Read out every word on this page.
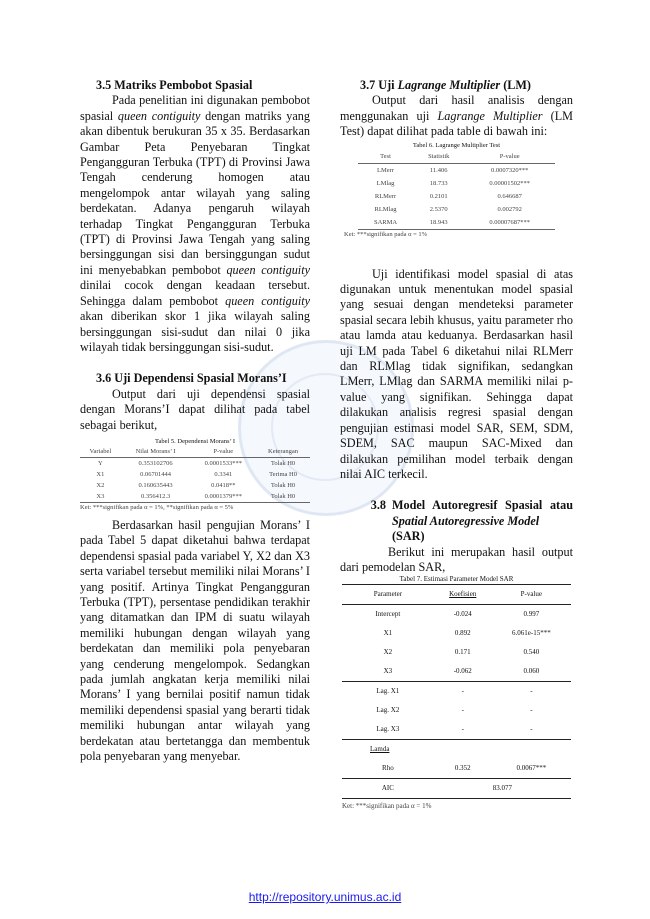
3.5 Matriks Pembobot Spasial

Pada penelitian ini digunakan pembobot spasial queen contiguity dengan matriks yang akan dibentuk berukuran 35 x 35. Berdasarkan Gambar Peta Penyebaran Tingkat Pengangguran Terbuka (TPT) di Provinsi Jawa Tengah cenderung homogen atau mengelompok antar wilayah yang saling berdekatan. Adanya pengaruh wilayah terhadap Tingkat Pengangguran Terbuka (TPT) di Provinsi Jawa Tengah yang saling bersinggungan sisi dan bersinggungan sudut ini menyebabkan pembobot queen contiguity dinilai cocok dengan keadaan tersebut. Sehingga dalam pembobot queen contiguity akan diberikan skor 1 jika wilayah saling bersinggungan sisi-sudut dan nilai 0 jika wilayah tidak bersinggungan sisi-sudut.

3.6 Uji Dependensi Spasial Morans’I

Output dari uji dependensi spasial dengan Morans’I dapat dilihat pada tabel sebagai berikut,

Tabel 5. Dependensi Morans’ I
Variabel	Nilai Morans’ I	P-value	Keterangan
Y	0.353102706	0.0001533***	Tolak H0
X1	0.06701444	0.3341	Terima H0
X2	0.160635443	0.0418**	Tolak H0
X3	0.356412.3	0.0001379***	Tolak H0
Ket: ***signifikan pada α = 1%, **signifikan pada α = 5%

Berdasarkan hasil pengujian Morans’ I pada Tabel 5 dapat diketahui bahwa terdapat dependensi spasial pada variabel Y, X2 dan X3 serta variabel tersebut memiliki nilai Morans’ I yang positif. Artinya Tingkat Pengangguran Terbuka (TPT), persentase pendidikan terakhir yang ditamatkan dan IPM di suatu wilayah memiliki hubungan dengan wilayah yang berdekatan dan memiliki pola penyebaran yang cenderung mengelompok. Sedangkan pada jumlah angkatan kerja memiliki nilai Morans’ I yang bernilai positif namun tidak memiliki dependensi spasial yang berarti tidak memiliki hubungan antar wilayah yang berdekatan atau bertetangga dan membentuk pola penyebaran yang menyebar.

3.7 Uji Lagrange Multiplier (LM)

Output dari hasil analisis dengan menggunakan uji Lagrange Multiplier (LM Test) dapat dilihat pada table di bawah ini:

Tabel 6. Lagrange Multiplier Test
Test	Statistik	P-value
LMerr	11.406	0.0007320***
LMlag	18.733	0.00001502***
RLMerr	0.2101	0.646687
RLMlag	2.5370	0.002792
SARMA	18.943	0.00007687***
Ket: ***signifikan pada α = 1%

Uji identifikasi model spasial di atas digunakan untuk menentukan model spasial yang sesuai dengan mendeteksi parameter spasial secara lebih khusus, yaitu parameter rho atau lamda atau keduanya. Berdasarkan hasil uji LM pada Tabel 6 diketahui nilai RLMerr dan RLMlag tidak signifikan, sedangkan LMerr, LMlag dan SARMA memiliki nilai p-value yang signifikan. Sehingga dapat dilakukan analisis regresi spasial dengan pengujian estimasi model SAR, SEM, SDM, SDEM, SAC maupun SAC-Mixed dan dilakukan pemilihan model terbaik dengan nilai AIC terkecil.

3.8 Model Autoregresif Spasial atau Spatial Autoregressive Model
(SAR)

Berikut ini merupakan hasil output dari pemodelan SAR,

Tabel 7. Estimasi Parameter Model SAR
Parameter	Koefisien	P-value
Intercept	-0.024	0.997
X1	0.892	6.061e-15***
X2	0.171	0.540
X3	-0.062	0.060
Lag. X1	-	-
Lag. X2	-	-
Lag. X3	-	-
Lamda		
Rho	0.352	0.0067***
AIC	83.077	
Ket: ***signifikan pada α = 1%
http://repository.unimus.ac.id
